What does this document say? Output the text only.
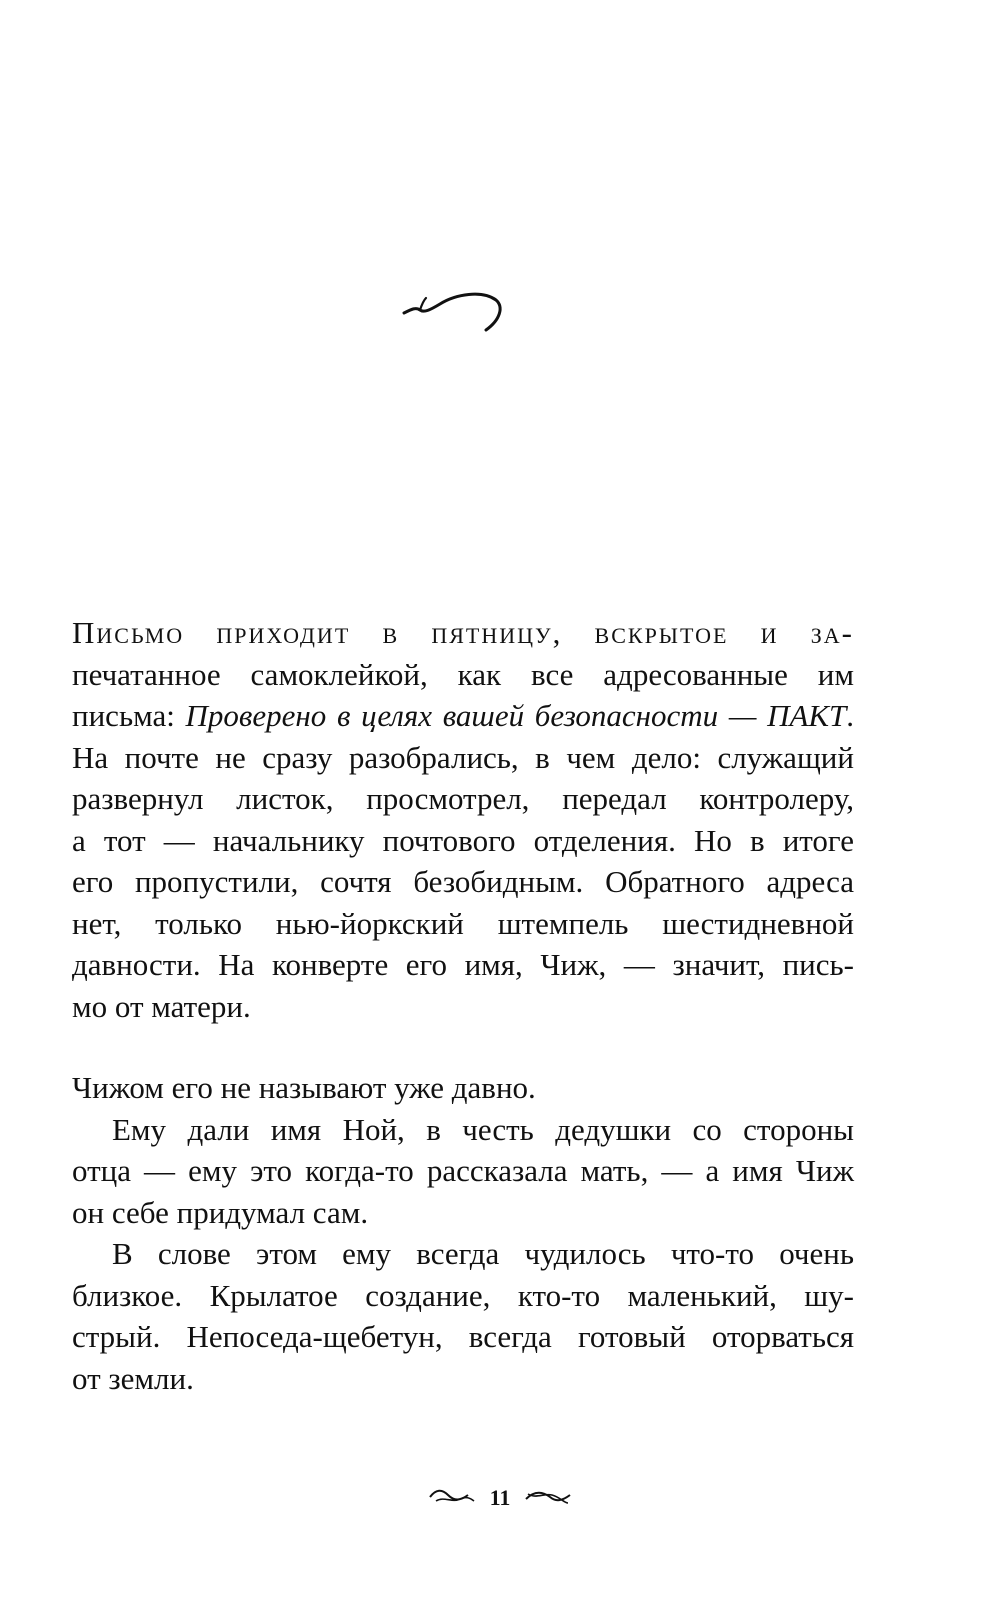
Письмо приходит в пятницу, вскрытое и за-
печатанное самоклейкой, как все адресованные им
письма: Проверено в целях вашей безопасности — ПАКТ.
На почте не сразу разобрались, в чем дело: служащий
развернул листок, просмотрел, передал контролеру,
а тот — начальнику почтового отделения. Но в итоге
его пропустили, сочтя безобидным. Обратного адреса
нет, только нью-йоркский штемпель шестидневной
давности. На конверте его имя, Чиж, — значит, пись-
мо от матери.

Чижом его не называют уже давно.

Ему дали имя Ной, в честь дедушки со стороны

отца — ему это когда-то рассказала мать, — а имя Чиж
он себе придумал сам.

В слове этом ему всегда чудилось что-то очень

близкое. Крылатое создание, кто-то маленький, шу-
стрый. Непоседа-щебетун, всегда готовый оторваться
от земли.

11
